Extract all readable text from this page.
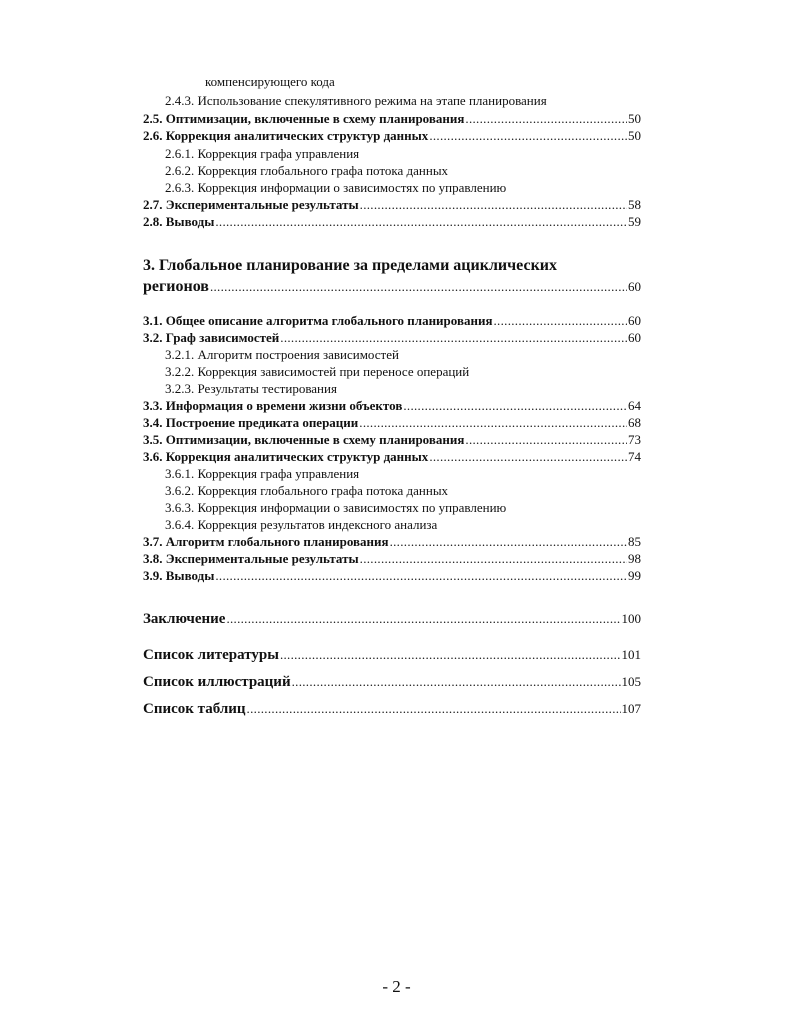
компенсирующего кода
2.4.3. Использование спекулятивного режима на этапе планирования
2.5. Оптимизации, включенные в схему планирования .....	50
2.6. Коррекция аналитических структур данных .....	50
2.6.1. Коррекция графа управления
2.6.2. Коррекция глобального графа потока данных
2.6.3. Коррекция информации о зависимостях по управлению
2.7. Экспериментальные результаты .....	58
2.8. Выводы .....	59
3. Глобальное планирование за пределами ациклических
регионов .....	60
3.1. Общее описание алгоритма глобального планирования .....	60
3.2. Граф зависимостей .....	60
3.2.1. Алгоритм построения зависимостей
3.2.2. Коррекция зависимостей при переносе операций
3.2.3. Результаты тестирования
3.3. Информация о времени жизни объектов .....	64
3.4. Построение предиката операции .....	68
3.5. Оптимизации, включенные в схему планирования .....	73
3.6. Коррекция аналитических структур данных .....	74
3.6.1. Коррекция графа управления
3.6.2. Коррекция глобального графа потока данных
3.6.3. Коррекция информации о зависимостях по управлению
3.6.4. Коррекция результатов индексного анализа
3.7. Алгоритм глобального планирования .....	85
3.8. Экспериментальные результаты .....	98
3.9. Выводы .....	99
Заключение .....	100
Список литературы .....	101
Список иллюстраций .....	105
Список таблиц .....	107
- 2 -
